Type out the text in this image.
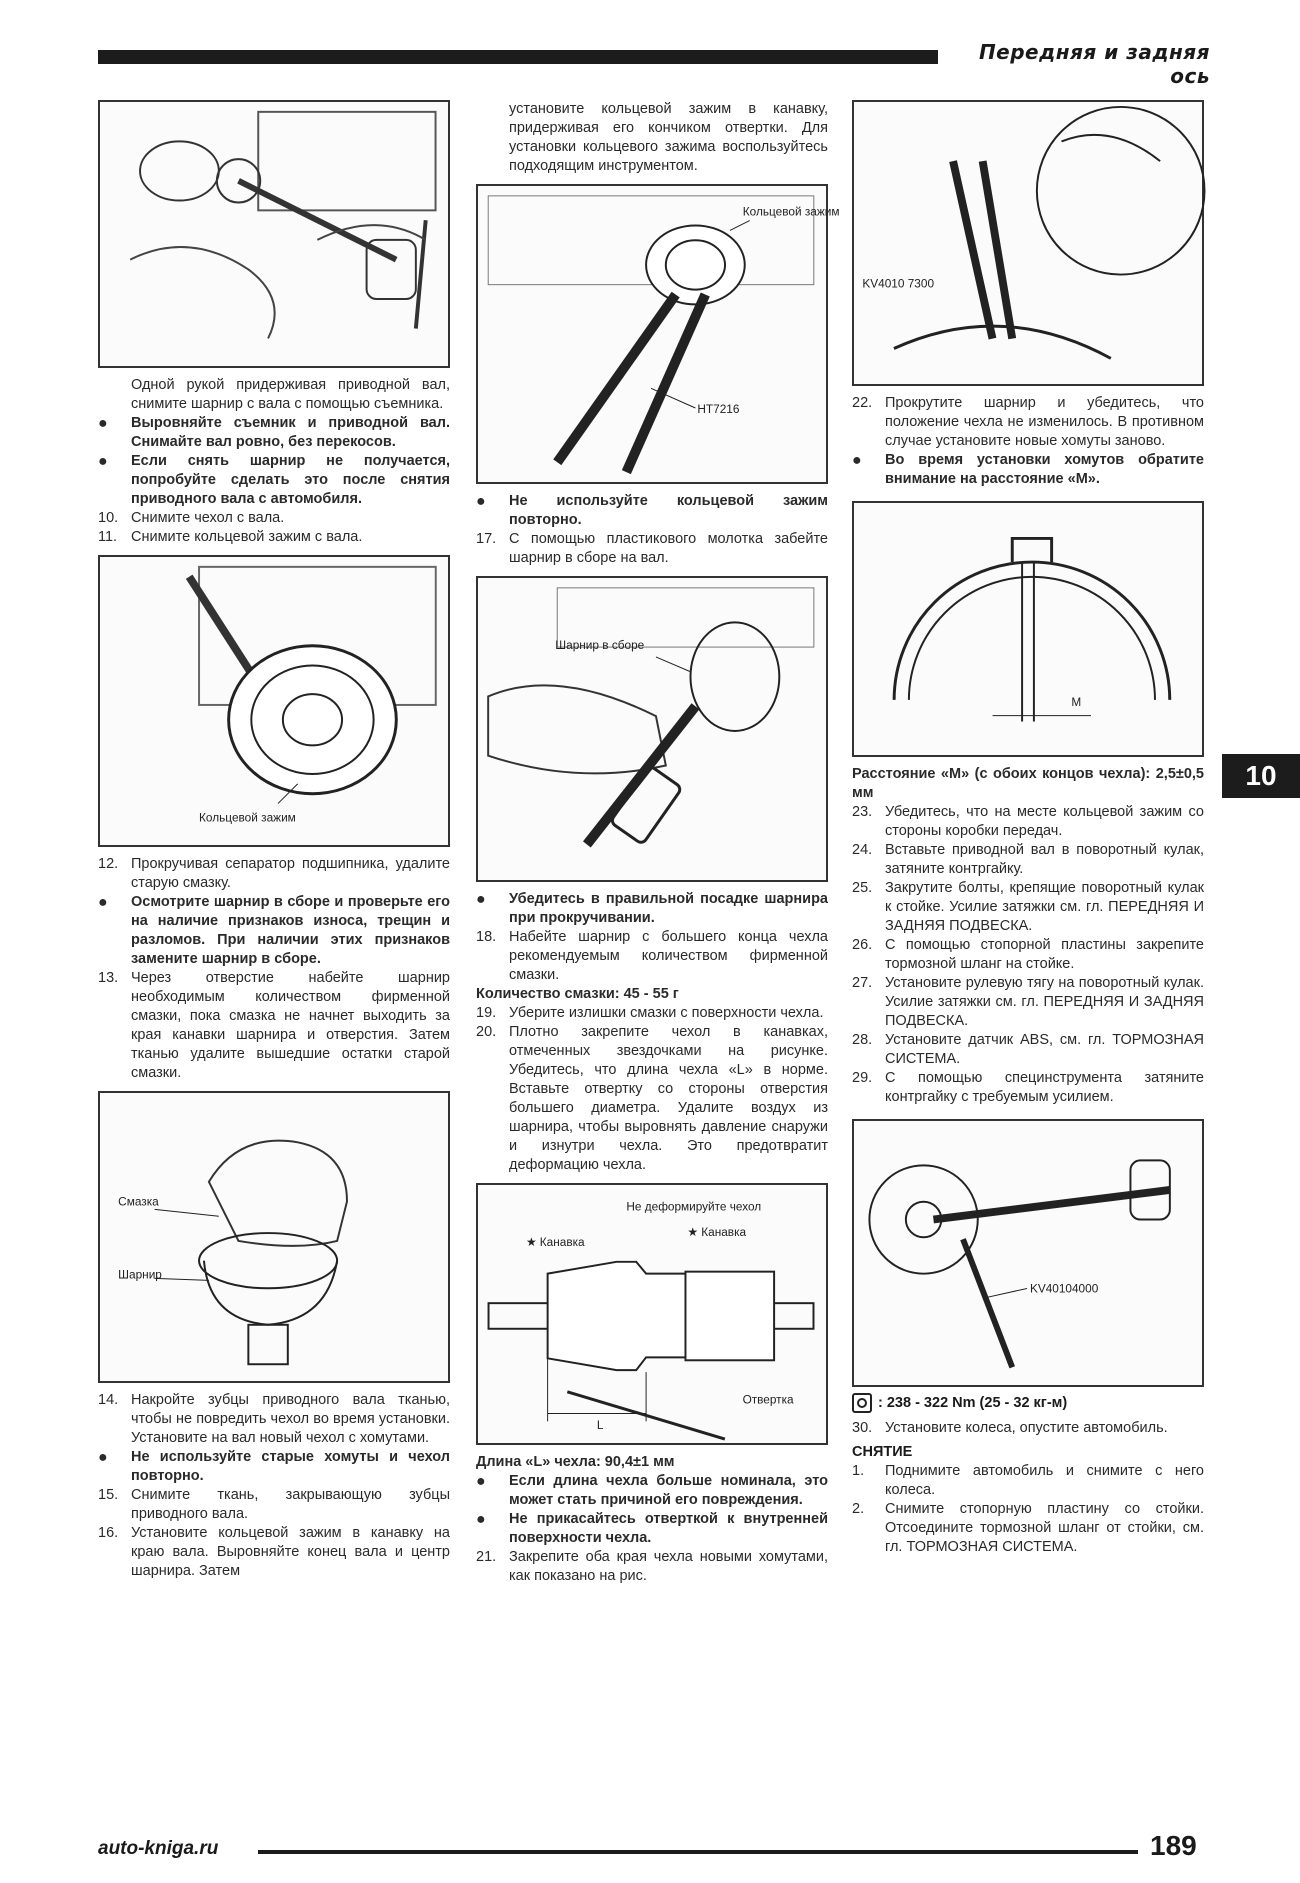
Передняя и задняя ось
10

Одной рукой придерживая приводной вал, снимите шарнир с вала с помощью съемника.

●	Выровняйте съемник и приводной вал. Снимайте вал ровно, без перекосов.
●	Если снять шарнир не получается, попробуйте сделать это после снятия приводного вала с автомобиля.
10. Снимите чехол с вала.
11. Снимите кольцевой зажим с вала.
Кольцевой зажим
12. Прокручивая сепаратор подшипника, удалите старую смазку.
●	Осмотрите шарнир в сборе и проверьте его на наличие признаков износа, трещин и разломов. При наличии этих признаков замените шарнир в сборе.
13. Через отверстие набейте шарнир необходимым количеством фирменной смазки, пока смазка не начнет выходить за края канавки шарнира и отверстия. Затем тканью удалите вышедшие остатки старой смазки.
Смазка
Шарнир
14. Накройте зубцы приводного вала тканью, чтобы не повредить чехол во время установки. Установите на вал новый чехол с хомутами.
●	Не используйте старые хомуты и чехол повторно.
15. Снимите ткань, закрывающую зубцы приводного вала.
16. Установите кольцевой зажим в канавку на краю вала. Выровняйте конец вала и центр шарнира. Затем

установите кольцевой зажим в канавку, придерживая его кончиком отвертки. Для установки кольцевого зажима воспользуйтесь подходящим инструментом.

Кольцевой зажим
HT7216
●	Не используйте кольцевой зажим повторно.
17. С помощью пластикового молотка забейте шарнир в сборе на вал.
Шарнир в сборе
●	Убедитесь в правильной посадке шарнира при прокручивании.
18. Набейте шарнир с большего конца чехла рекомендуемым количеством фирменной смазки.
Количество смазки: 45 - 55 г
19. Уберите излишки смазки с поверхности чехла.
20. Плотно закрепите чехол в канавках, отмеченных звездочками на рисунке. Убедитесь, что длина чехла «L» в норме. Вставьте отвертку со стороны отверстия большего диаметра. Удалите воздух из шарнира, чтобы выровнять давление снаружи и изнутри чехла. Это предотвратит деформацию чехла.
L
Не деформируйте чехол
★ Канавка
★ Канавка
Отвертка
Длина «L» чехла: 90,4±1 мм
●	Если длина чехла больше номинала, это может стать причиной его повреждения.
●	Не прикасайтесь отверткой к внутренней поверхности чехла.
21. Закрепите оба края чехла новыми хомутами, как показано на рис.
KV4010 7300
22. Прокрутите шарнир и убедитесь, что положение чехла не изменилось. В противном случае установите новые хомуты заново.
●	Во время установки хомутов обратите внимание на расстояние «М».
M
Расстояние «М» (с обоих концов чехла): 2,5±0,5 мм
23. Убедитесь, что на месте кольцевой зажим со стороны коробки передач.
24. Вставьте приводной вал в поворотный кулак, затяните контргайку.
25. Закрутите болты, крепящие поворотный кулак к стойке. Усилие затяжки см. гл. ПЕРЕДНЯЯ И ЗАДНЯЯ ПОДВЕСКА.
26. С помощью стопорной пластины закрепите тормозной шланг на стойке.
27. Установите рулевую тягу на поворотный кулак. Усилие затяжки см. гл. ПЕРЕДНЯЯ И ЗАДНЯЯ ПОДВЕСКА.
28. Установите датчик ABS, см. гл. ТОРМОЗНАЯ СИСТЕМА.
29. С помощью специнструмента затяните контргайку с требуемым усилием.
KV40104000
: 238 - 322 Nm (25 - 32 кг-м)
30. Установите колеса, опустите автомобиль.
СНЯТИЕ
1.	Поднимите автомобиль и снимите с него колеса.
2.	Снимите стопорную пластину со стойки. Отсоедините тормозной шланг от стойки, см. гл. ТОРМОЗНАЯ СИСТЕМА.
auto-kniga.ru	189
